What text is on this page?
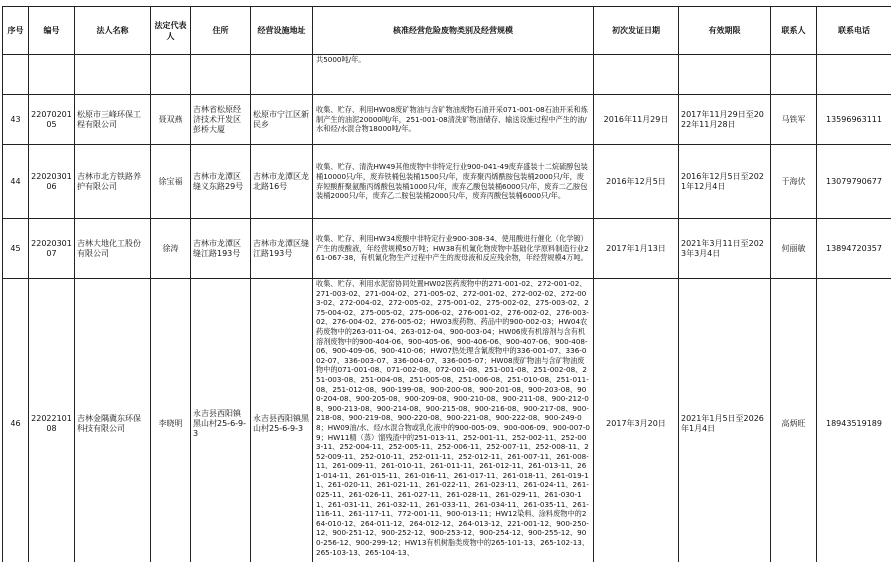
序号	编号	法人名称	法定代表人	住所	经营设施地址	核准经营危险废物类别及经营规模	初次发证日期	有效期限	联系人	联系电话
						共5000吨/年。				
43	2207020105	松原市三峰环保工程有限公司	聂双燕	吉林省松原经济技术开发区彭桥大厦	松原市宁江区新民乡	收集、贮存、利用HW08废矿物油与含矿物油废物石油开采071-001-08石油开采和炼制产生的油泥20000吨/年，251-001-08清洗矿物油储存、输送设施过程中产生的油/水和烃/水混合物18000吨/年。	2016年11月29日	2017年11月29日至2022年11月28日	马铁军	13596963111
44	2202030106	吉林市北方铁路养护有限公司	徐宝福	吉林市龙潭区缝义东路29号	吉林市龙潭区龙北路16号	收集、贮存、清洗HW49其他废物中非特定行业900-041-49废弃盛装十二烷硫醇包装桶10000只/年，废弃铁桶包装桶1500只/年，废弃聚丙烯酰胺包装桶2000只/年，废弃短酸酐聚氨酯丙烯酸包装桶1000只/年，废弃乙酸包装桶6000只/年，废弃二乙胺包装桶2000只/年，废弃乙二胺包装桶2000只/年，废弃丙酸包装桶6000只/年。	2016年12月5日	2016年12月5日至2021年12月4日	于海伏	13079790677
45	2202030107	吉林大地化工股份有限公司	徐涛	吉林市龙潭区缝江路193号	吉林市龙潭区缝江路193号	收集、贮存、利用HW34废酸中非特定行业900-308-34、使用酸进行催化（化学镀）产生的废酸液，年经营规模50万吨；HW38有机氰化物废物中基础化学原料制造行业261-067-38，有机氰化物生产过程中产生的废母液和反应残余物，年经营规模4万吨。	2017年1月13日	2021年3月11日至2023年3月4日	何丽敏	13894720357
46	2202210108	吉林金隅冀东环保科技有限公司	李晓明	永吉县西阳镇黑山村25-6-9-3	永吉县西阳镇黑山村25-6-9-3	收集、贮存、利用水泥窑协同处置HW02医药废物中的271-001-02、272-001-02、271-003-02、271-004-02、271-005-02、272-001-02、272-002-02、272-003-02、272-004-02、272-005-02、275-001-02、275-002-02、275-003-02、275-004-02、275-005-02、275-006-02、276-001-02、276-002-02、276-003-02、276-004-02、276-005-02；HW03废药物、药品中的900-002-03；HW04农药废物中的263-011-04、263-012-04、900-003-04；HW06废有机溶剂与含有机溶剂废物中的900-404-06、900-405-06、900-406-06、900-407-06、900-408-06、900-409-06、900-410-06；HW07热处理含氰废物中的336-001-07、336-002-07、336-003-07、336-004-07、336-005-07；HW08废矿物油与含矿物油废物中的071-001-08、071-002-08、072-001-08、251-001-08、251-002-08、251-003-08、251-004-08、251-005-08、251-006-08、251-010-08、251-011-08、251-012-08、900-199-08、900-200-08、900-201-08、900-203-08、900-204-08、900-205-08、900-209-08、900-210-08、900-211-08、900-212-08、900-213-08、900-214-08、900-215-08、900-216-08、900-217-08、900-218-08、900-219-08、900-220-08、900-221-08、900-222-08、900-249-08；HW09油/水、烃/水混合物或乳化液中的900-005-09、900-006-09、900-007-09；HW11精（蒸）馏残渣中的251-013-11、252-001-11、252-002-11、252-003-11、252-004-11、252-005-11、252-006-11、252-007-11、252-008-11、252-009-11、252-010-11、252-011-11、252-012-11、261-007-11、261-008-11、261-009-11、261-010-11、261-011-11、261-012-11、261-013-11、261-014-11、261-015-11、261-016-11、261-017-11、261-018-11、261-019-11、261-020-11、261-021-11、261-022-11、261-023-11、261-024-11、261-025-11、261-026-11、261-027-11、261-028-11、261-029-11、261-030-11、261-031-11、261-032-11、261-033-11、261-034-11、261-035-11、261-116-11、261-117-11、772-001-11、900-013-11；HW12染料、涂料废物中的264-010-12、264-011-12、264-012-12、264-013-12、221-001-12、900-250-12、900-251-12、900-252-12、900-253-12、900-254-12、900-255-12、900-256-12、900-299-12；HW13有机树脂类废物中的265-101-13、265-102-13、265-103-13、265-104-13、	2017年3月20日	2021年1月5日至2026年1月4日	高炳旺	18943519189
